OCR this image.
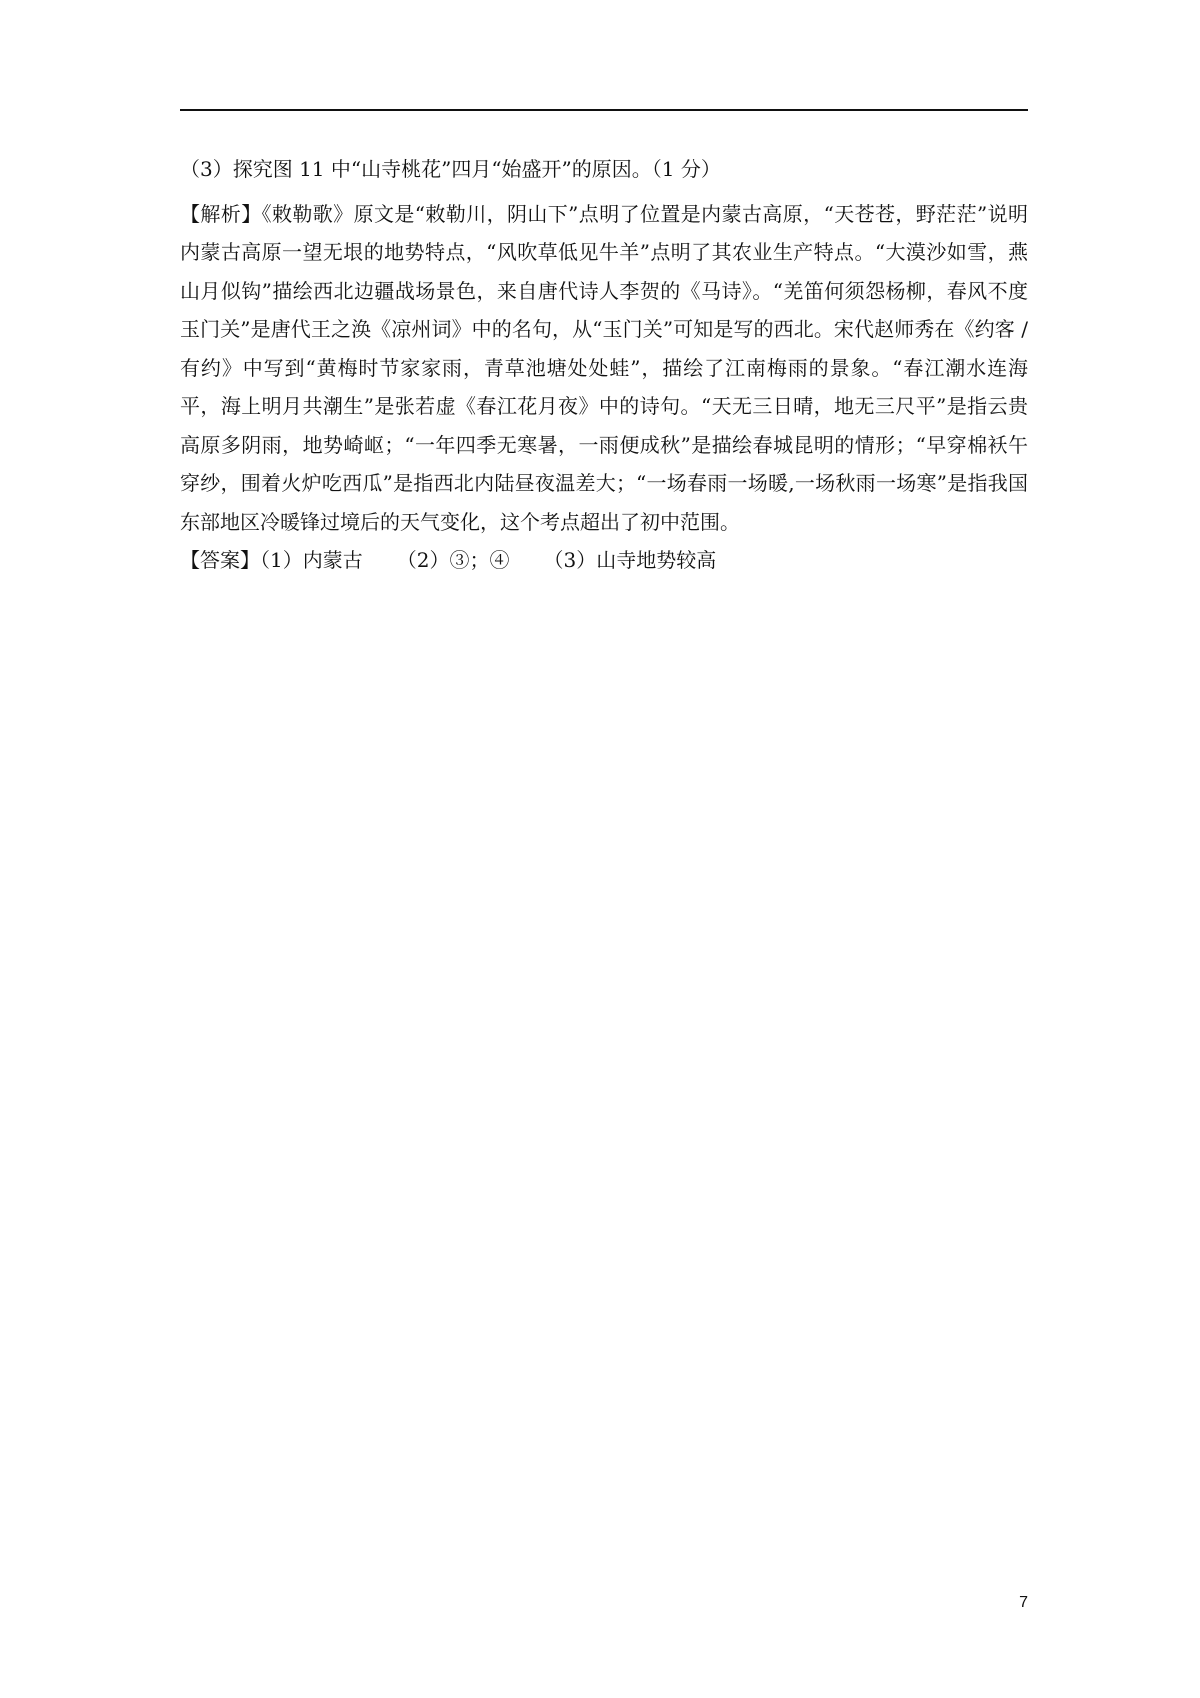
（3）探究图 11 中“山寺桃花”四月“始盛开”的原因。（1 分）

【解析】《敕勒歌》原文是“敕勒川，阴山下”点明了位置是内蒙古高原，“天苍苍，野茫茫”说明内蒙古高原一望无垠的地势特点，“风吹草低见牛羊”点明了其农业生产特点。“大漠沙如雪，燕山月似钩”描绘西北边疆战场景色，来自唐代诗人李贺的《马诗》。“羌笛何须怨杨柳，春风不度玉门关”是唐代王之涣《凉州词》中的名句，从“玉门关”可知是写的西北。宋代赵师秀在《约客 / 有约》中写到“黄梅时节家家雨，青草池塘处处蛙”，描绘了江南梅雨的景象。“春江潮水连海平，海上明月共潮生”是张若虚《春江花月夜》中的诗句。“天无三日晴，地无三尺平”是指云贵高原多阴雨，地势崎岖；“一年四季无寒暑，一雨便成秋”是描绘春城昆明的情形；“早穿棉袄午穿纱，围着火炉吃西瓜”是指西北内陆昼夜温差大；“一场春雨一场暖,一场秋雨一场寒”是指我国东部地区冷暖锋过境后的天气变化，这个考点超出了初中范围。

【答案】（1）内蒙古 （2）③；④ （3）山寺地势较高

7
